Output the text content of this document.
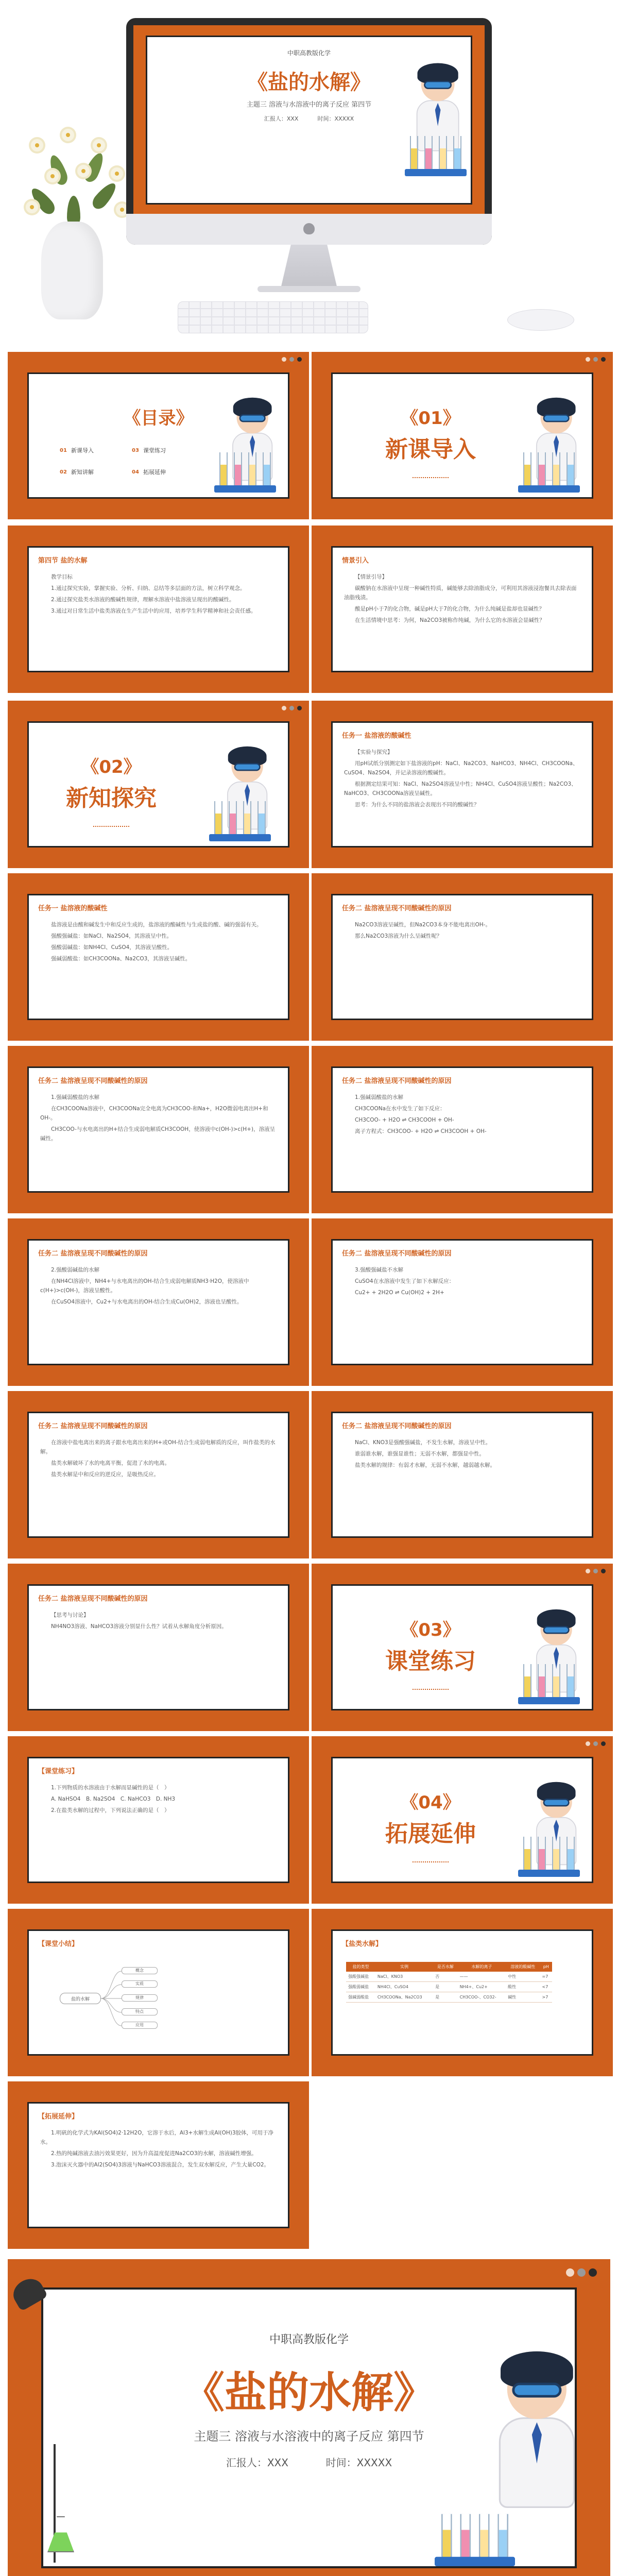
中职高教版化学
《盐的水解》
主题三 溶液与水溶液中的离子反应 第四节
汇报人：XXX	时间：XXXXX
《目录》
01 新课导入	03 课堂练习
02 新知讲解	04 拓展延伸
《01》
新课导入
第四节 盐的水解

教学目标

1.通过探究实验，掌握实验、分析、归纳、总结等多层面的方法，树立科学观念。

2.通过探究盐类水溶液的酸碱性规律，理解水溶液中盐溶液呈现出的酸碱性。

3.通过对日常生活中盐类溶液在生产生活中的应用，培养学生科学精神和社会责任感。

情景引入

【情景引导】

碳酸钠在水溶液中呈现一种碱性特质，碱能够去除油脂成分，可利用其溶液浸泡餐具去除表面油脂残渍。

酸是pH小于7的化合物，碱是pH大于7的化合物，为什么纯碱是盐却也显碱性？

在生活情境中思考：为何，Na2CO3被称作纯碱，为什么它的水溶液会显碱性？

《02》
新知探究
任务一 盐溶液的酸碱性

【实验与探究】

用pH试纸分别测定如下盐溶液的pH：NaCl、Na2CO3、NaHCO3、NH4Cl、CH3COONa、CuSO4、Na2SO4，并记录溶液的酸碱性。

根据测定结果可知：NaCl、Na2SO4溶液呈中性；NH4Cl、CuSO4溶液呈酸性；Na2CO3、NaHCO3、CH3COONa溶液呈碱性。

思考：为什么不同的盐溶液会表现出不同的酸碱性？

任务一 盐溶液的酸碱性

盐溶液是由酸和碱发生中和反应生成的，盐溶液的酸碱性与生成盐的酸、碱的强弱有关。

强酸强碱盐：如NaCl、Na2SO4，其溶液呈中性。

强酸弱碱盐：如NH4Cl、CuSO4，其溶液呈酸性。

强碱弱酸盐：如CH3COONa、Na2CO3，其溶液呈碱性。

任务二 盐溶液呈现不同酸碱性的原因

Na2CO3溶液呈碱性，但Na2CO3本身不能电离出OH-。

那么Na2CO3溶液为什么呈碱性呢？

任务二 盐溶液呈现不同酸碱性的原因

1.强碱弱酸盐的水解

在CH3COONa溶液中，CH3COONa完全电离为CH3COO-和Na+，H2O微弱电离出H+和OH-。

CH3COO-与水电离出的H+结合生成弱电解质CH3COOH，使溶液中c(OH-)>c(H+)，溶液呈碱性。

任务二 盐溶液呈现不同酸碱性的原因

1.强碱弱酸盐的水解

CH3COONa在水中发生了如下反应：

CH3COO- + H2O ⇌ CH3COOH + OH-

离子方程式：CH3COO- + H2O ⇌ CH3COOH + OH-

任务二 盐溶液呈现不同酸碱性的原因

2.强酸弱碱盐的水解

在NH4Cl溶液中，NH4+与水电离出的OH-结合生成弱电解质NH3·H2O，使溶液中c(H+)>c(OH-)，溶液呈酸性。

在CuSO4溶液中，Cu2+与水电离出的OH-结合生成Cu(OH)2，溶液也呈酸性。

任务二 盐溶液呈现不同酸碱性的原因

3.强酸强碱盐不水解

CuSO4在水溶液中发生了如下水解反应：

Cu2+ + 2H2O ⇌ Cu(OH)2 + 2H+

任务二 盐溶液呈现不同酸碱性的原因

在溶液中盐电离出来的离子跟水电离出来的H+或OH-结合生成弱电解质的反应，叫作盐类的水解。

盐类水解破坏了水的电离平衡，促进了水的电离。

盐类水解是中和反应的逆反应，是吸热反应。

任务二 盐溶液呈现不同酸碱性的原因

NaCl、KNO3是强酸强碱盐，不发生水解，溶液呈中性。

谁弱谁水解，谁强显谁性；无弱不水解，都强显中性。

盐类水解的规律：有弱才水解，无弱不水解，越弱越水解。

任务二 盐溶液呈现不同酸碱性的原因

【思考与讨论】

NH4NO3溶液、NaHCO3溶液分别显什么性？试着从水解角度分析原因。	《03》
课堂练习
【课堂练习】

1.下列物质的水溶液由于水解而显碱性的是（　）

A. NaHSO4　B. Na2SO4　C. NaHCO3　D. NH3

2.在盐类水解的过程中，下列说法正确的是（　）	《04》
拓展延伸
【课堂小结】
盐的水解
概念
实质
规律
特点
应用
【盐类水解】
盐的类型	实例	是否水解	水解的离子	溶液的酸碱性	pH
强酸强碱盐	NaCl、KNO3	否	——	中性	=7
强酸弱碱盐	NH4Cl、CuSO4	是	NH4+、Cu2+	酸性	<7
强碱弱酸盐	CH3COONa、Na2CO3	是	CH3COO-、CO32-	碱性	>7
【拓展延伸】

1.明矾的化学式为KAl(SO4)2·12H2O，它溶于水后，Al3+水解生成Al(OH)3胶体，可用于净水。

2.热的纯碱溶液去油污效果更好，因为升高温度促进Na2CO3的水解，溶液碱性增强。

3.泡沫灭火器中的Al2(SO4)3溶液与NaHCO3溶液混合，发生双水解反应，产生大量CO2。

中职高教版化学
《盐的水解》
主题三 溶液与水溶液中的离子反应 第四节
汇报人：XXX	时间：XXXXX
